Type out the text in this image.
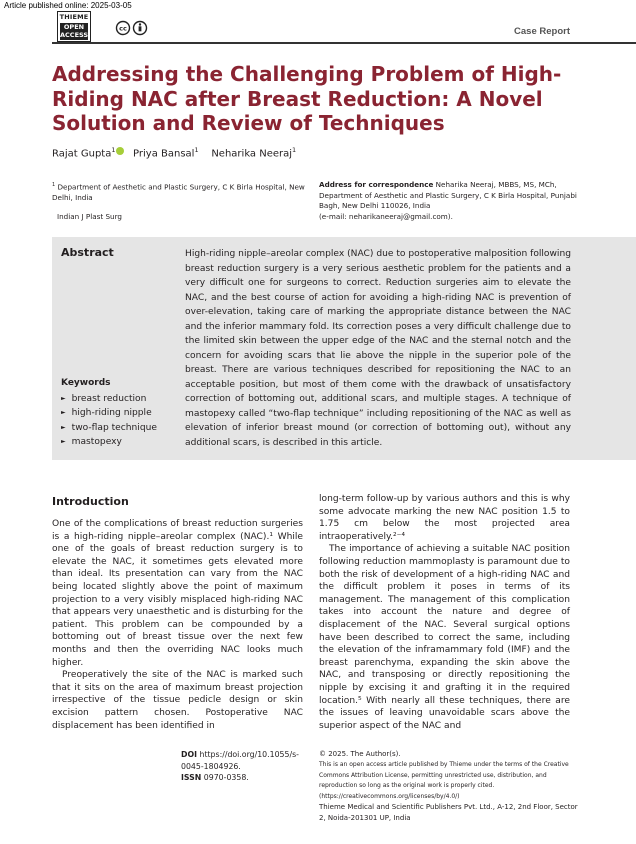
Article published online: 2025-03-05
THIEME
OPEN
ACCESS
cc	Case Report
Addressing the Challenging Problem of High-Riding NAC after Breast Reduction: A Novel Solution and Review of Techniques
Rajat Gupta$^1$ Priya Bansal$^1$ Neharika Neeraj$^1$
$^1$ Department of Aesthetic and Plastic Surgery, C K Birla Hospital, New Delhi, India
Indian J Plast Surg
Address for correspondence Neharika Neeraj, MBBS, MS, MCh, Department of Aesthetic and Plastic Surgery, C K Birla Hospital, Punjabi Bagh, New Delhi 110026, India
(e-mail: neharikaneeraj@gmail.com).
Abstract	High-riding nipple–areolar complex (NAC) due to postoperative malposition following breast reduction surgery is a very serious aesthetic problem for the patients and a very difficult one for surgeons to correct. Reduction surgeries aim to elevate the NAC, and the best course of action for avoiding a high-riding NAC is prevention of over-elevation, taking care of marking the appropriate distance between the NAC and the inferior mammary fold. Its correction poses a very difficult challenge due to the limited skin between the upper edge of the NAC and the sternal notch and the concern for avoiding scars that lie above the nipple in the superior pole of the breast. There are various techniques described for repositioning the NAC to an acceptable position, but most of them come with the drawback of unsatisfactory correction of bottoming out, additional scars, and multiple stages. A technique of mastopexy called “two-flap technique” including repositioning of the NAC as well as elevation of inferior breast mound (or correction of bottoming out), without any additional scars, is described in this article.
Keywords
► breast reduction
► high-riding nipple
► two-flap technique
► mastopexy
Introduction

One of the complications of breast reduction surgeries is a high-riding nipple–areolar complex (NAC).¹ While one of the goals of breast reduction surgery is to elevate the NAC, it sometimes gets elevated more than ideal. Its presentation can vary from the NAC being located slightly above the point of maximum projection to a very visibly misplaced high-riding NAC that appears very unaesthetic and is disturbing for the patient. This problem can be compounded by a bottoming out of breast tissue over the next few months and then the overriding NAC looks much higher.

Preoperatively the site of the NAC is marked such that it sits on the area of maximum breast projection irrespective of the tissue pedicle design or skin excision pattern chosen. Postoperative NAC displacement has been identified in

long-term follow-up by various authors and this is why some advocate marking the new NAC position 1.5 to 1.75 cm below the most projected area intraoperatively.²⁻⁴

The importance of achieving a suitable NAC position following reduction mammoplasty is paramount due to both the risk of development of a high-riding NAC and the difficult problem it poses in terms of its management. The management of this complication takes into account the nature and degree of displacement of the NAC. Several surgical options have been described to correct the same, including the elevation of the inframammary fold (IMF) and the breast parenchyma, expanding the skin above the NAC, and transposing or directly repositioning the nipple by excising it and grafting it in the required location.⁵ With nearly all these techniques, there are the issues of leaving unavoidable scars above the superior aspect of the NAC and

DOI https://doi.org/10.1055/s-0045-1804926.
ISSN 0970-0358.
© 2025. The Author(s).
This is an open access article published by Thieme under the terms of the Creative Commons Attribution License, permitting unrestricted use, distribution, and reproduction so long as the original work is properly cited. (https://creativecommons.org/licenses/by/4.0/)
Thieme Medical and Scientific Publishers Pvt. Ltd., A-12, 2nd Floor, Sector 2, Noida-201301 UP, India
